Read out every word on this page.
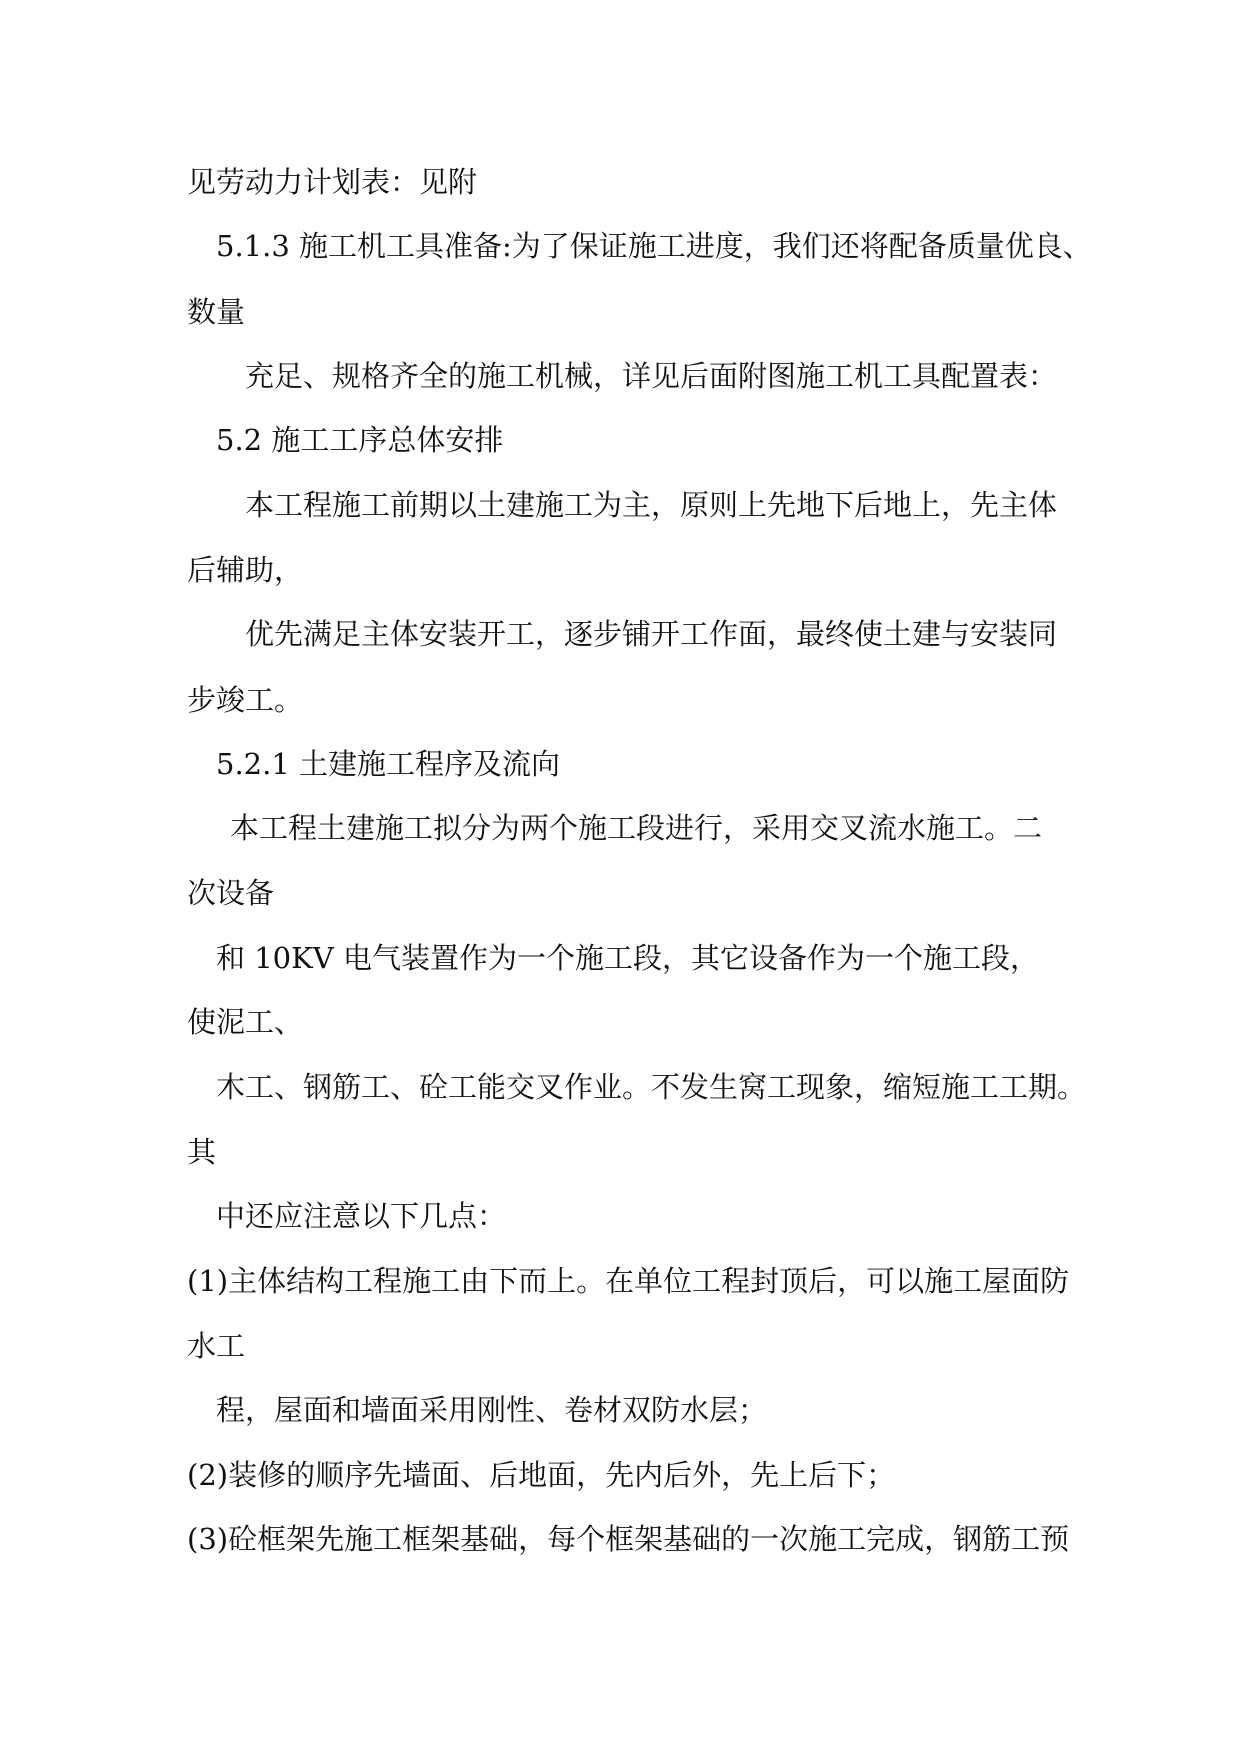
见劳动力计划表：见附
5.1.3 施工机工具准备:为了保证施工进度，我们还将配备质量优良、
数量
充足、规格齐全的施工机械，详见后面附图施工机工具配置表：
5.2 施工工序总体安排
本工程施工前期以土建施工为主，原则上先地下后地上，先主体
后辅助，
优先满足主体安装开工，逐步铺开工作面，最终使土建与安装同
步竣工。
5.2.1 土建施工程序及流向
本工程土建施工拟分为两个施工段进行，采用交叉流水施工。二
次设备
和 10KV 电气装置作为一个施工段，其它设备作为一个施工段，
使泥工、
木工、钢筋工、砼工能交叉作业。不发生窝工现象，缩短施工工期。
其
中还应注意以下几点：
(1)主体结构工程施工由下而上。在单位工程封顶后，可以施工屋面防
水工
程，屋面和墙面采用刚性、卷材双防水层；
(2)装修的顺序先墙面、后地面，先内后外，先上后下；
(3)砼框架先施工框架基础，每个框架基础的一次施工完成，钢筋工预
